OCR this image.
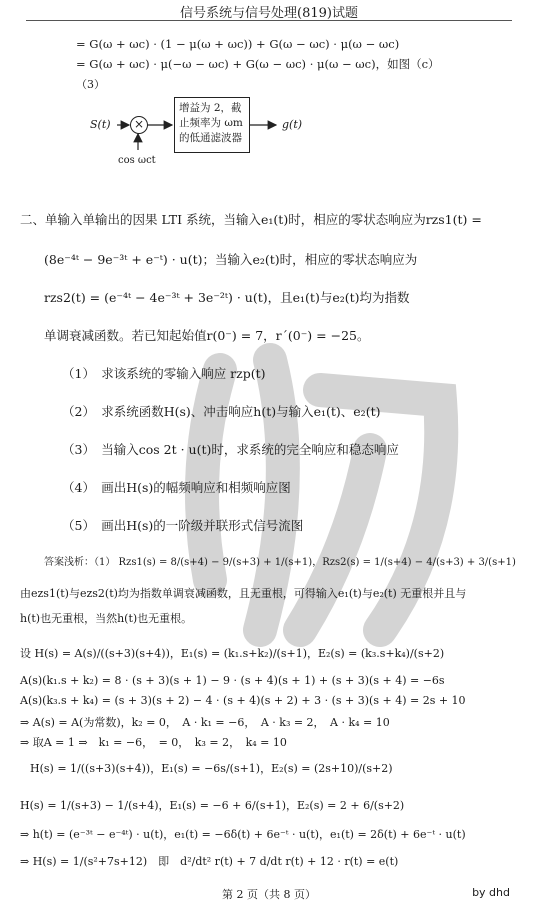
信号系统与信号处理(819)试题
= G(ω + ωc) · (1 − μ(ω + ωc)) + G(ω − ωc) · μ(ω − ωc)
= G(ω + ωc) · μ(−ω − ωc) + G(ω − ωc) · μ(ω − ωc)，如图（c）
（3）
S(t)	×
增益为 2，截止频率为 ωm 的低通滤波器
g(t)
cos ωct
二、单输入单输出的因果 LTI 系统，当输入e₁(t)时，相应的零状态响应为rzs1(t) =
(8e⁻⁴ᵗ − 9e⁻³ᵗ + e⁻ᵗ) · u(t)；当输入e₂(t)时，相应的零状态响应为
rzs2(t) = (e⁻⁴ᵗ − 4e⁻³ᵗ + 3e⁻²ᵗ) · u(t)，且e₁(t)与e₂(t)均为指数
单调衰减函数。若已知起始值r(0⁻) = 7，r´(0⁻) = −25。
（1）　求该系统的零输入响应 rzp(t)
（2）　求系统函数H(s)、冲击响应h(t)与输入e₁(t)、e₂(t)
（3）　当输入cos 2t · u(t)时，求系统的完全响应和稳态响应
（4）　画出H(s)的幅频响应和相频响应图
（5）　画出H(s)的一阶级并联形式信号流图
答案浅析：（1） Rzs1(s) = 8/(s+4) − 9/(s+3) + 1/(s+1)，Rzs2(s) = 1/(s+4) − 4/(s+3) + 3/(s+1)
由ezs1(t)与ezs2(t)均为指数单调衰减函数，且无重根，可得输入e₁(t)与e₂(t) 无重根并且与
h(t)也无重根，当然h(t)也无重根。
设 H(s) = A(s)/((s+3)(s+4))，E₁(s) = (k₁.s+k₂)/(s+1)，E₂(s) = (k₃.s+k₄)/(s+2)
A(s)(k₁.s + k₂) = 8 · (s + 3)(s + 1) − 9 · (s + 4)(s + 1) + (s + 3)(s + 4) = −6s
A(s)(k₃.s + k₄) = (s + 3)(s + 2) − 4 · (s + 4)(s + 2) + 3 · (s + 3)(s + 4) = 2s + 10
⇒ A(s) = A(为常数)，k₂ = 0，　A · k₁ = −6，　A · k₃ = 2，　A · k₄ = 10
⇒ 取A = 1 ⇒　k₁ = −6，　= 0，　k₃ = 2，　k₄ = 10
H(s) = 1/((s+3)(s+4))，E₁(s) = −6s/(s+1)，E₂(s) = (2s+10)/(s+2)
H(s) = 1/(s+3) − 1/(s+4)，E₁(s) = −6 + 6/(s+1)，E₂(s) = 2 + 6/(s+2)
⇒ h(t) = (e⁻³ᵗ − e⁻⁴ᵗ) · u(t)，e₁(t) = −6δ(t) + 6e⁻ᵗ · u(t)，e₁(t) = 2δ(t) + 6e⁻ᵗ · u(t)
⇒ H(s) = 1/(s²+7s+12)　即　d²/dt² r(t) + 7 d/dt r(t) + 12 · r(t) = e(t)
第 2 页（共 8 页）	by dhd
